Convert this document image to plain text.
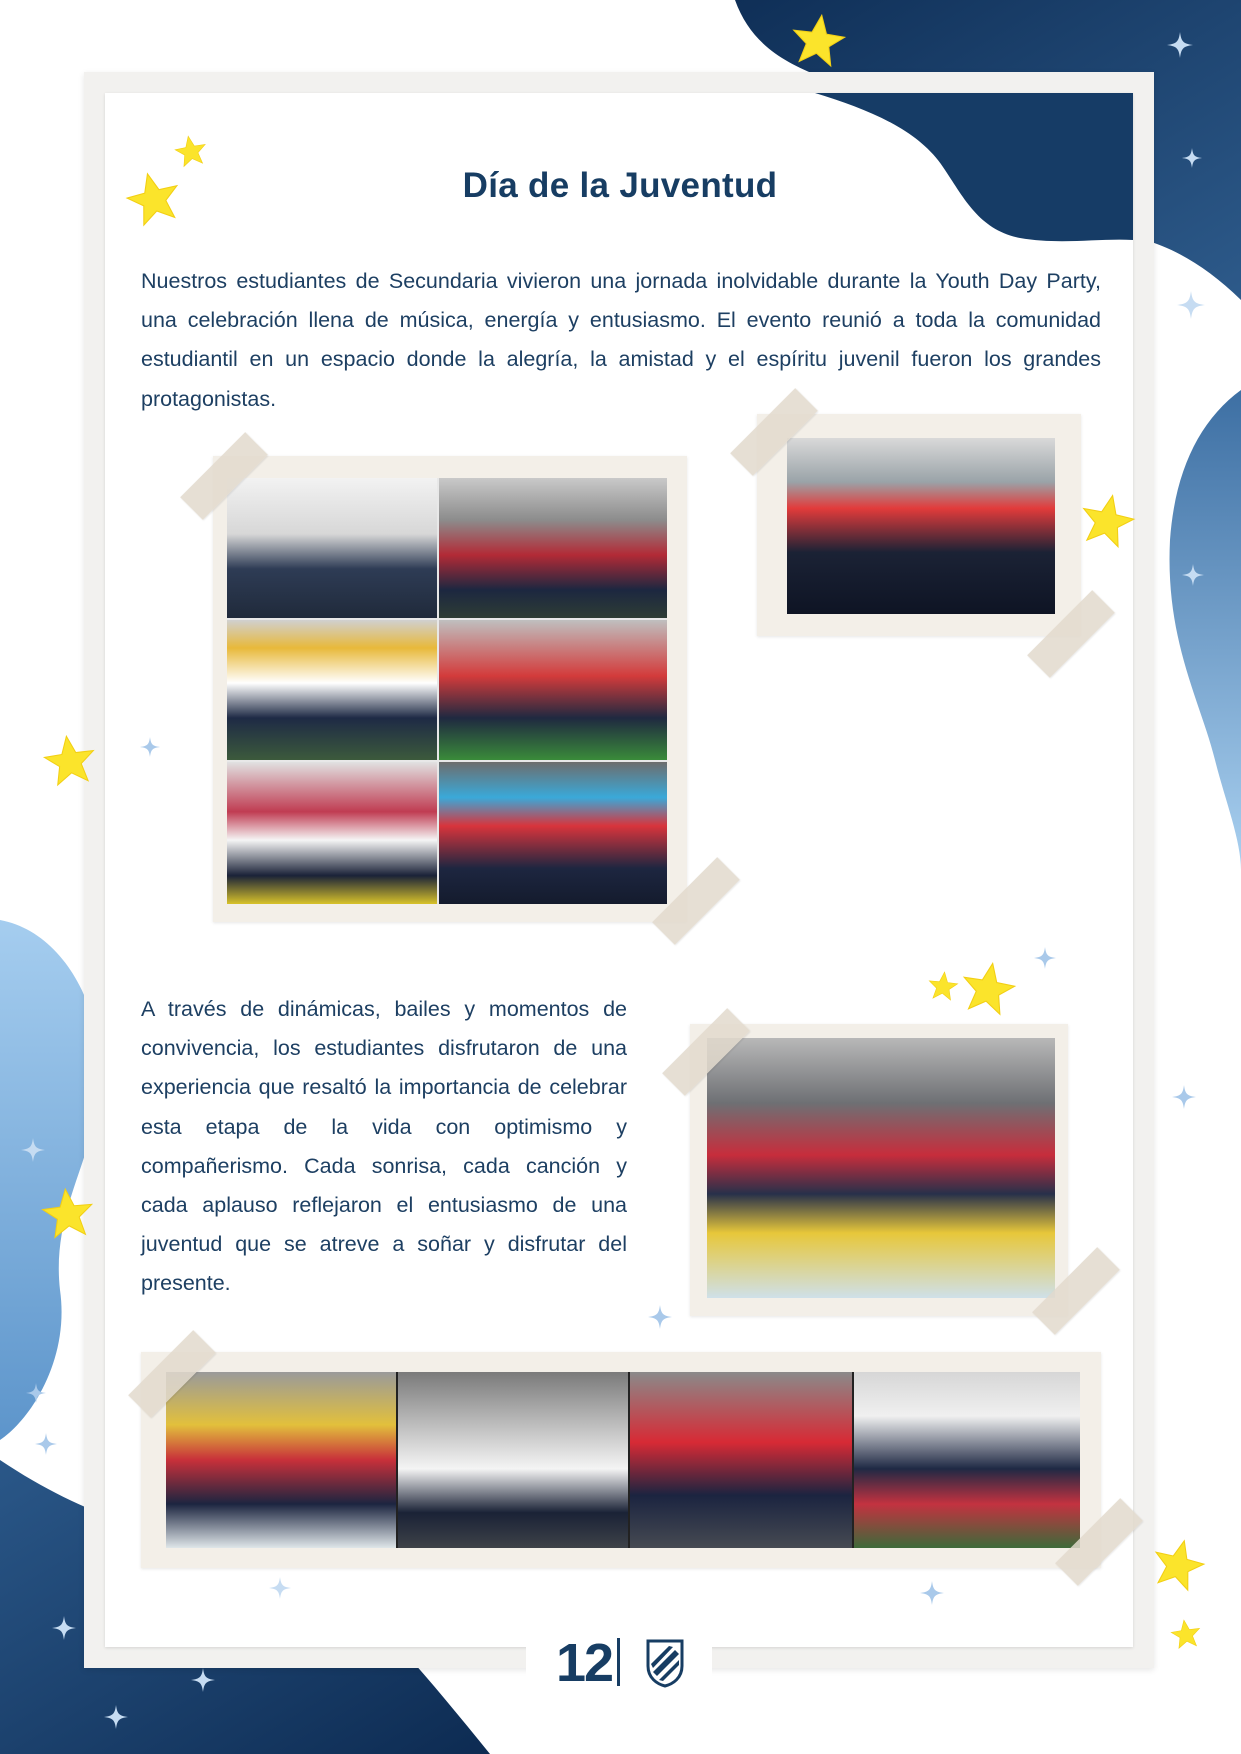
Día de la Juventud
Nuestros estudiantes de Secundaria vivieron una jornada inolvidable durante la Youth Day Party, una celebración llena de música, energía y entusiasmo. El evento reunió a toda la comunidad estudiantil en un espacio donde la alegría, la amistad y el espíritu juvenil fueron los grandes protagonistas.
A través de dinámicas, bailes y momentos de convivencia, los estudiantes disfrutaron de una experiencia que resaltó la importancia de celebrar esta etapa de la vida con optimismo y compañerismo. Cada sonrisa, cada canción y cada aplauso reflejaron el entusiasmo de una juventud que se atreve a soñar y disfrutar del presente.
12
